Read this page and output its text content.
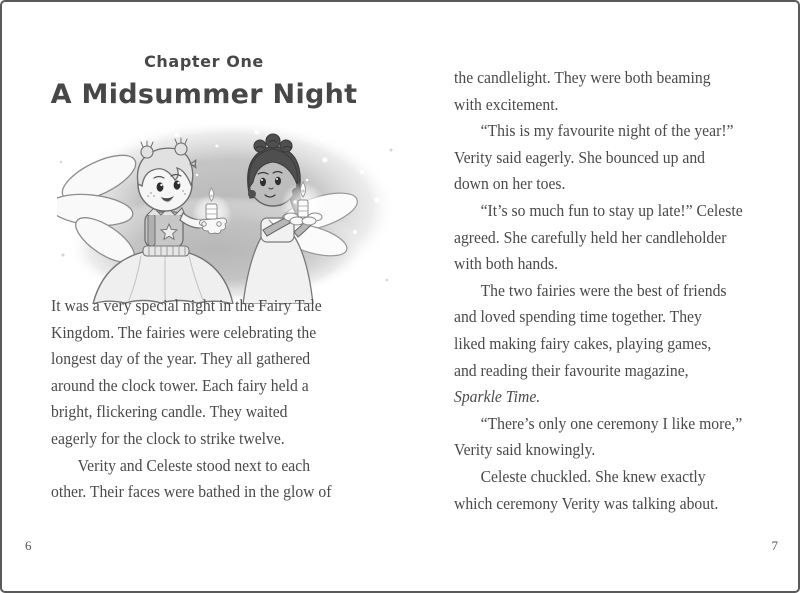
Chapter One
A Midsummer Night
It was a very special night in the Fairy Tale
Kingdom. The fairies were celebrating the
longest day of the year. They all gathered
around the clock tower. Each fairy held a
bright, flickering candle. They waited
eagerly for the clock to strike twelve.
Verity and Celeste stood next to each
other. Their faces were bathed in the glow of
the candlelight. They were both beaming
with excitement.
“This is my favourite night of the year!”
Verity said eagerly. She bounced up and
down on her toes.
“It’s so much fun to stay up late!” Celeste
agreed. She carefully held her candleholder
with both hands.
The two fairies were the best of friends
and loved spending time together. They
liked making fairy cakes, playing games,
and reading their favourite magazine,
Sparkle Time.
“There’s only one ceremony I like more,”
Verity said knowingly.
Celeste chuckled. She knew exactly
which ceremony Verity was talking about.
6	7
